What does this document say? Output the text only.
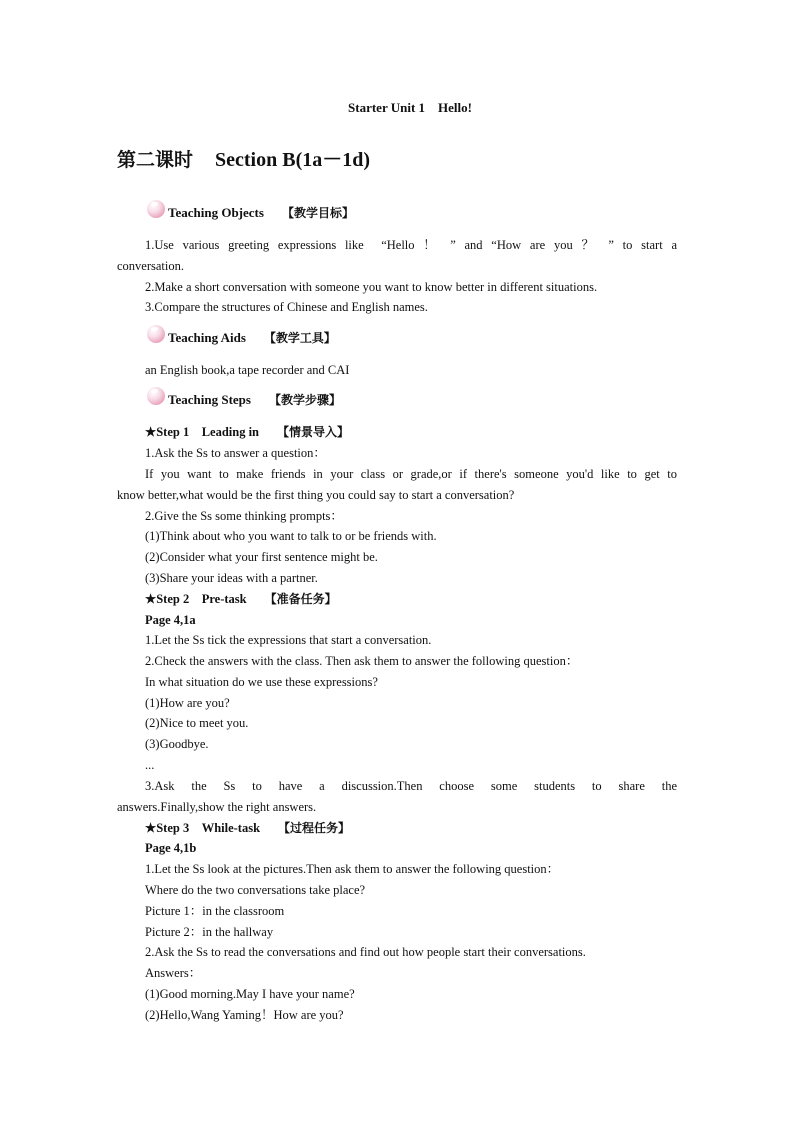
Starter Unit 1　Hello!
第二课时 Section B(1a－1d)
Teaching Objects 【教学目标】
1.Use various greeting expressions like  “Hello ！ ” and “How are you ？ ” to start a
conversation.
2.Make a short conversation with someone you want to know better in different situations.
3.Compare the structures of Chinese and English names.
Teaching Aids 【教学工具】
an English book,a tape recorder and CAI
Teaching Steps 【教学步骤】
★Step 1　Leading in 【情景导入】
1.Ask the Ss to answer a question：
If you want to make friends in your class or grade,or if there's someone you'd like to get to
know better,what would be the first thing you could say to start a conversation?
2.Give the Ss some thinking prompts：
(1)Think about who you want to talk to or be friends with.
(2)Consider what your first sentence might be.
(3)Share your ideas with a partner.
★Step 2　Pre-task 【准备任务】
Page 4,1a
1.Let the Ss tick the expressions that start a conversation.
2.Check the answers with the class. Then ask them to answer the following question：
In what situation do we use these expressions?
(1)How are you?
(2)Nice to meet you.
(3)Goodbye.
...
3.Ask the Ss to have a discussion.Then choose some students to share the
answers.Finally,show the right answers.
★Step 3　While-task 【过程任务】
Page 4,1b
1.Let the Ss look at the pictures.Then ask them to answer the following question：
Where do the two conversations take place?
Picture 1：in the classroom
Picture 2：in the hallway
2.Ask the Ss to read the conversations and find out how people start their conversations.
Answers：
(1)Good morning.May I have your name?
(2)Hello,Wang Yaming！How are you?
